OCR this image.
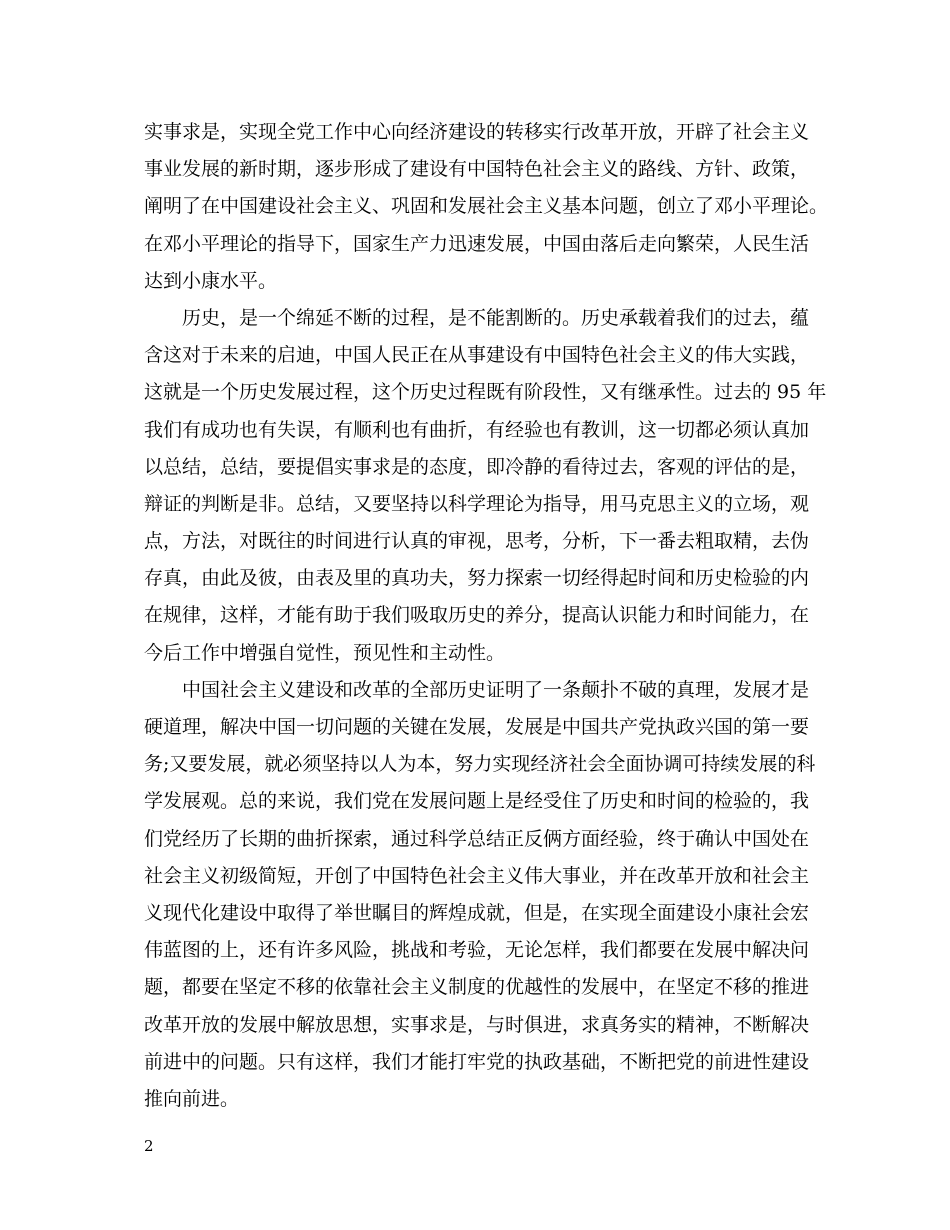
实事求是，实现全党工作中心向经济建设的转移实行改革开放，开辟了社会主义
事业发展的新时期，逐步形成了建设有中国特色社会主义的路线、方针、政策，
阐明了在中国建设社会主义、巩固和发展社会主义基本问题，创立了邓小平理论。
在邓小平理论的指导下，国家生产力迅速发展，中国由落后走向繁荣，人民生活
达到小康水平。
历史，是一个绵延不断的过程，是不能割断的。历史承载着我们的过去，蕴
含这对于未来的启迪，中国人民正在从事建设有中国特色社会主义的伟大实践，
这就是一个历史发展过程，这个历史过程既有阶段性，又有继承性。过去的 95 年
我们有成功也有失误，有顺利也有曲折，有经验也有教训，这一切都必须认真加
以总结，总结，要提倡实事求是的态度，即冷静的看待过去，客观的评估的是，
辩证的判断是非。总结，又要坚持以科学理论为指导，用马克思主义的立场，观
点，方法，对既往的时间进行认真的审视，思考，分析，下一番去粗取精，去伪
存真，由此及彼，由表及里的真功夫，努力探索一切经得起时间和历史检验的内
在规律，这样，才能有助于我们吸取历史的养分，提高认识能力和时间能力，在
今后工作中增强自觉性，预见性和主动性。
中国社会主义建设和改革的全部历史证明了一条颠扑不破的真理，发展才是
硬道理，解决中国一切问题的关键在发展，发展是中国共产党执政兴国的第一要
务;又要发展，就必须坚持以人为本，努力实现经济社会全面协调可持续发展的科
学发展观。总的来说，我们党在发展问题上是经受住了历史和时间的检验的，我
们党经历了长期的曲折探索，通过科学总结正反俩方面经验，终于确认中国处在
社会主义初级简短，开创了中国特色社会主义伟大事业，并在改革开放和社会主
义现代化建设中取得了举世瞩目的辉煌成就，但是，在实现全面建设小康社会宏
伟蓝图的上，还有许多风险，挑战和考验，无论怎样，我们都要在发展中解决问
题，都要在坚定不移的依靠社会主义制度的优越性的发展中，在坚定不移的推进
改革开放的发展中解放思想，实事求是，与时俱进，求真务实的精神，不断解决
前进中的问题。只有这样，我们才能打牢党的执政基础，不断把党的前进性建设
推向前进。
2
